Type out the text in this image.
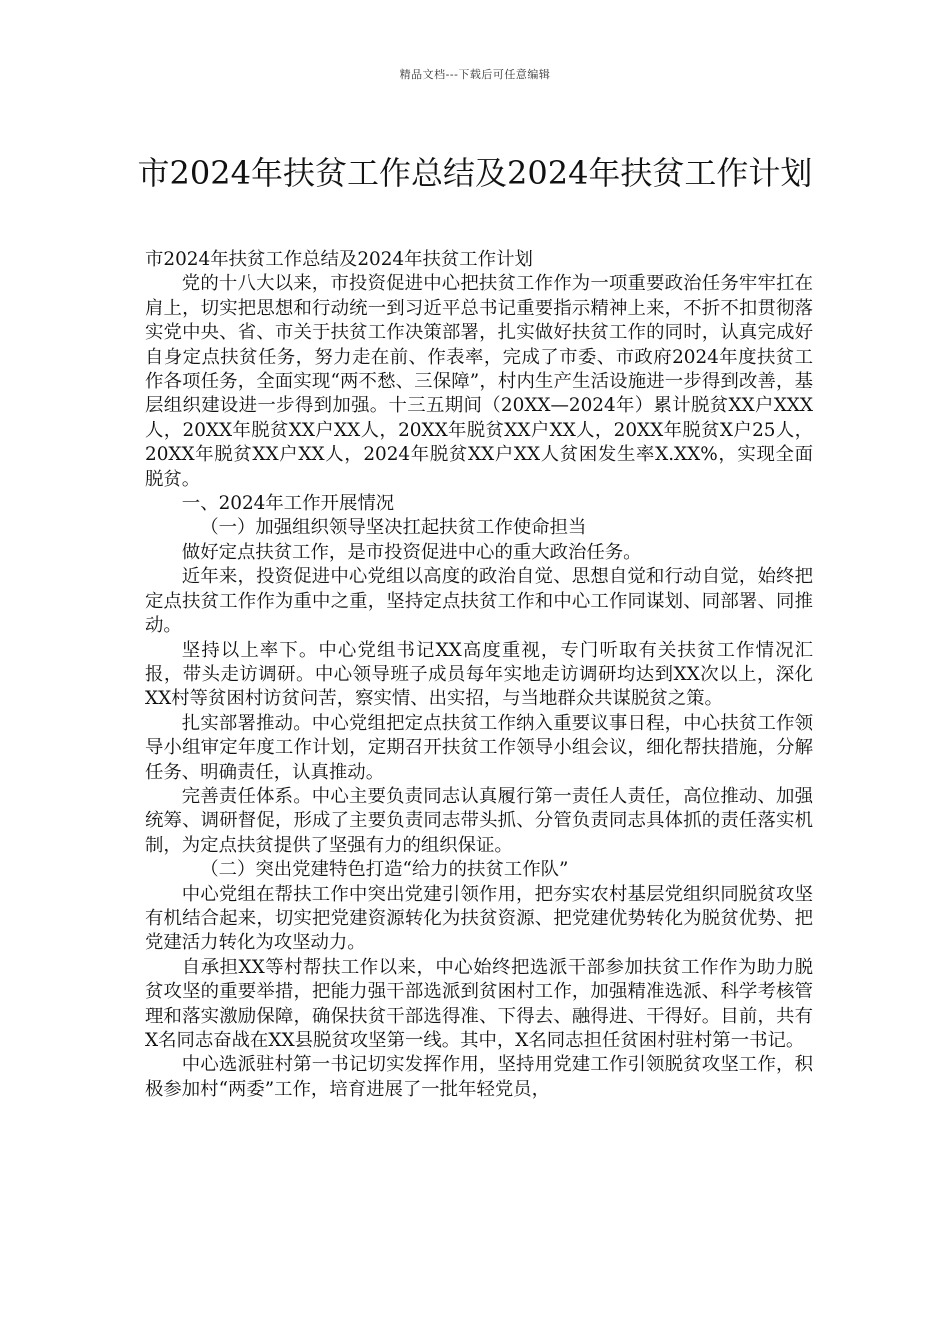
精品文档---下载后可任意编辑
市2024年扶贫工作总结及2024年扶贫工作计划

市2024年扶贫工作总结及2024年扶贫工作计划

党的十八大以来，市投资促进中心把扶贫工作作为一项重要政治任务牢牢扛在肩上，切实把思想和行动统一到习近平总书记重要指示精神上来，不折不扣贯彻落实党中央、省、市关于扶贫工作决策部署，扎实做好扶贫工作的同时，认真完成好自身定点扶贫任务，努力走在前、作表率，完成了市委、市政府2024年度扶贫工作各项任务，全面实现“两不愁、三保障”，村内生产生活设施进一步得到改善，基层组织建设进一步得到加强。十三五期间（20XX—2024年）累计脱贫XX户XXX人，20XX年脱贫XX户XX人，20XX年脱贫XX户XX人，20XX年脱贫X户25人，20XX年脱贫XX户XX人，2024年脱贫XX户XX人贫困发生率X.XX%，实现全面脱贫。

一、2024年工作开展情况

（一）加强组织领导坚决扛起扶贫工作使命担当

做好定点扶贫工作，是市投资促进中心的重大政治任务。

近年来，投资促进中心党组以高度的政治自觉、思想自觉和行动自觉，始终把定点扶贫工作作为重中之重，坚持定点扶贫工作和中心工作同谋划、同部署、同推动。

坚持以上率下。中心党组书记XX高度重视，专门听取有关扶贫工作情况汇报，带头走访调研。中心领导班子成员每年实地走访调研均达到XX次以上，深化XX村等贫困村访贫问苦，察实情、出实招，与当地群众共谋脱贫之策。

扎实部署推动。中心党组把定点扶贫工作纳入重要议事日程，中心扶贫工作领导小组审定年度工作计划，定期召开扶贫工作领导小组会议，细化帮扶措施，分解任务、明确责任，认真推动。

完善责任体系。中心主要负责同志认真履行第一责任人责任，高位推动、加强统筹、调研督促，形成了主要负责同志带头抓、分管负责同志具体抓的责任落实机制，为定点扶贫提供了坚强有力的组织保证。

（二）突出党建特色打造“给力的扶贫工作队”

中心党组在帮扶工作中突出党建引领作用，把夯实农村基层党组织同脱贫攻坚有机结合起来，切实把党建资源转化为扶贫资源、把党建优势转化为脱贫优势、把党建活力转化为攻坚动力。

自承担XX等村帮扶工作以来，中心始终把选派干部参加扶贫工作作为助力脱贫攻坚的重要举措，把能力强干部选派到贫困村工作，加强精准选派、科学考核管理和落实激励保障，确保扶贫干部选得准、下得去、融得进、干得好。目前，共有X名同志奋战在XX县脱贫攻坚第一线。其中，X名同志担任贫困村驻村第一书记。

中心选派驻村第一书记切实发挥作用，坚持用党建工作引领脱贫攻坚工作，积极参加村“两委”工作，培育进展了一批年轻党员，
